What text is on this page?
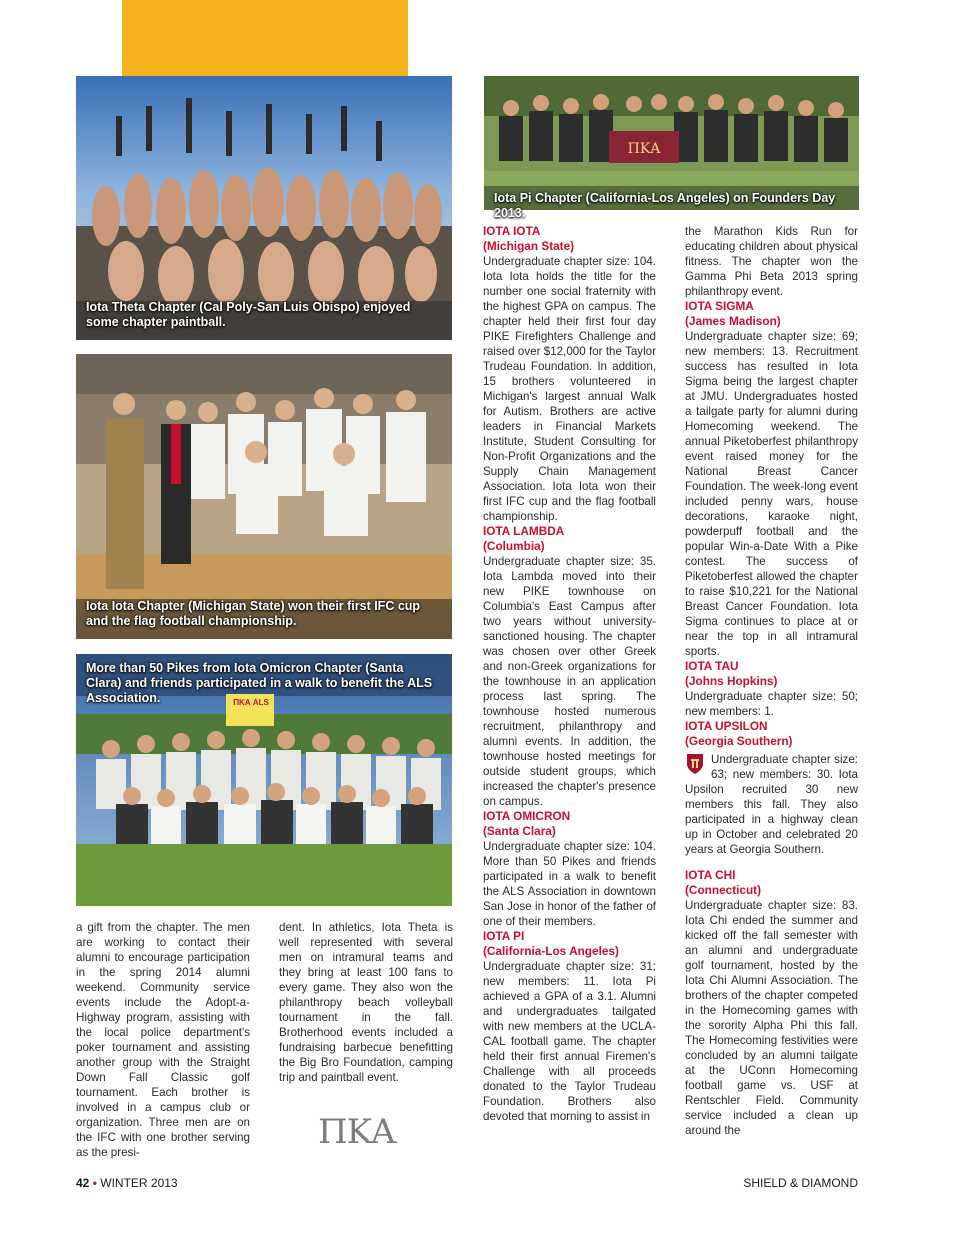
Iota Theta Chapter (Cal Poly-San Luis Obispo) enjoyed some chapter paintball.
Iota Iota Chapter (Michigan State) won their first IFC cup and the flag football championship.
More than 50 Pikes from Iota Omicron Chapter (Santa Clara) and friends participated in a walk to benefit the ALS Association.	ΠΚΑ ALS
ΠΚΑ
Iota Pi Chapter (California-Los Angeles) on Founders Day 2013.

a gift from the chapter. The men are working to contact their alumni to encourage participation in the spring 2014 alumni weekend. Community service events include the Adopt-a-Highway program, assisting with the local police department's poker tournament and assisting another group with the Straight Down Fall Classic golf tournament. Each brother is involved in a campus club or organization. Three men are on the IFC with one brother serving as the presi-

dent. In athletics, Iota Theta is well represented with several men on intramural teams and they bring at least 100 fans to every game. They also won the philanthropy beach volleyball tournament in the fall. Brotherhood events included a fundraising barbecue benefitting the Big Bro Foundation, camping trip and paintball event.

ΠΚΑ.

IOTA IOTA

(Michigan State)

Undergraduate chapter size: 104. Iota Iota holds the title for the number one social fraternity with the highest GPA on campus. The chapter held their first four day PIKE Firefighters Challenge and raised over $12,000 for the Taylor Trudeau Foundation. In addition, 15 brothers volunteered in Michigan's largest annual Walk for Autism. Brothers are active leaders in Financial Markets Institute, Student Consulting for Non-Profit Organizations and the Supply Chain Management Association. Iota Iota won their first IFC cup and the flag football championship.

IOTA LAMBDA

(Columbia)

Undergraduate chapter size: 35. Iota Lambda moved into their new PIKE townhouse on Columbia's East Campus after two years without university-sanctioned housing. The chapter was chosen over other Greek and non-Greek organizations for the townhouse in an application process last spring. The townhouse hosted numerous recruitment, philanthropy and alumni events. In addition, the townhouse hosted meetings for outside student groups, which increased the chapter's presence on campus.

IOTA OMICRON

(Santa Clara)

Undergraduate chapter size: 104. More than 50 Pikes and friends participated in a walk to benefit the ALS Association in downtown San Jose in honor of the father of one of their members.

IOTA PI

(California-Los Angeles)

Undergraduate chapter size: 31; new members: 11. Iota Pi achieved a GPA of a 3.1. Alumni and undergraduates tailgated with new members at the UCLA-CAL football game. The chapter held their first annual Firemen's Challenge with all proceeds donated to the Taylor Trudeau Foundation. Brothers also devoted that morning to assist in

the Marathon Kids Run for educating children about physical fitness. The chapter won the Gamma Phi Beta 2013 spring philanthropy event.

IOTA SIGMA

(James Madison)

Undergraduate chapter size: 69; new members: 13. Recruitment success has resulted in Iota Sigma being the largest chapter at JMU. Undergraduates hosted a tailgate party for alumni during Homecoming weekend. The annual Piketoberfest philanthropy event raised money for the National Breast Cancer Foundation. The week-long event included penny wars, house decorations, karaoke night, powderpuff football and the popular Win-a-Date With a Pike contest. The success of Piketoberfest allowed the chapter to raise $10,221 for the National Breast Cancer Foundation. Iota Sigma continues to place at or near the top in all intramural sports.

IOTA TAU

(Johns Hopkins)

Undergraduate chapter size: 50; new members: 1.

IOTA UPSILON

(Georgia Southern)

Undergraduate chapter size: 63; new members: 30. Iota Upsilon recruited 30 new members this fall. They also participated in a highway clean up in October and celebrated 20 years at Georgia Southern.

IOTA CHI

(Connecticut)

Undergraduate chapter size: 83. Iota Chi ended the summer and kicked off the fall semester with an alumni and undergraduate golf tournament, hosted by the Iota Chi Alumni Association. The brothers of the chapter competed in the Homecoming games with the sorority Alpha Phi this fall. The Homecoming festivities were concluded by an alumni tailgate at the UConn Homecoming football game vs. USF at Rentschler Field. Community service included a clean up around the

42 • WINTER 2013	SHIELD & DIAMOND
